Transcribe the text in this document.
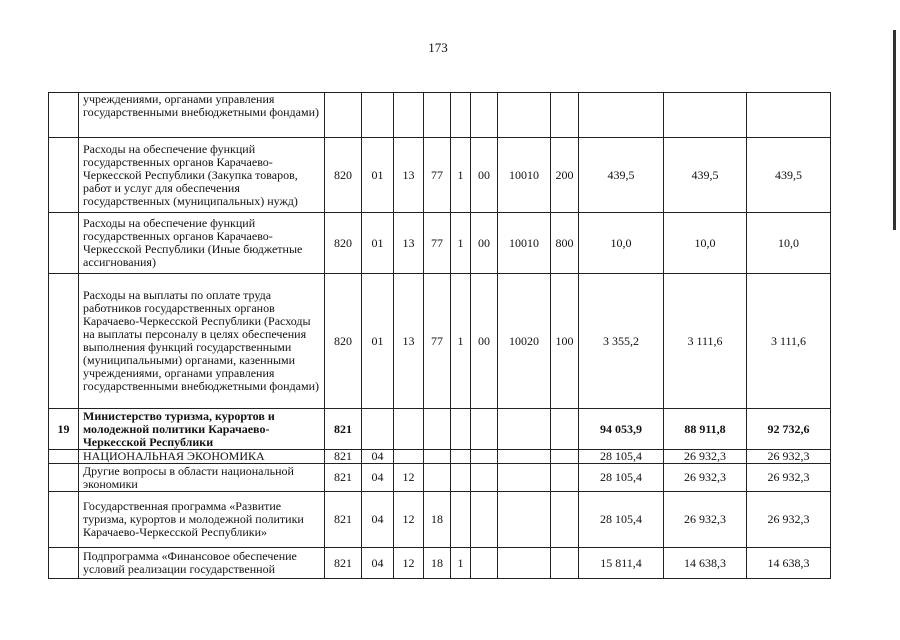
173
	учреждениями, органами управления государственными внебюджетными фондами)											
	Расходы на обеспечение функций государственных органов Карачаево-Черкесской Республики (Закупка товаров, работ и услуг для обеспечения государственных (муниципальных) нужд)	820	01	13	77	1	00	10010	200	439,5	439,5	439,5
	Расходы на обеспечение функций государственных органов Карачаево-Черкесской Республики (Иные бюджетные ассигнования)	820	01	13	77	1	00	10010	800	10,0	10,0	10,0
	Расходы на выплаты по оплате труда работников государственных органов Карачаево-Черкесской Республики (Расходы на выплаты персоналу в целях обеспечения выполнения функций государственными (муниципальными) органами, казенными учреждениями, органами управления государственными внебюджетными фондами)	820	01	13	77	1	00	10020	100	3 355,2	3 111,6	3 111,6
19	Министерство туризма, курортов и молодежной политики Карачаево-Черкесской Республики	821								94 053,9	88 911,8	92 732,6
	НАЦИОНАЛЬНАЯ ЭКОНОМИКА	821	04							28 105,4	26 932,3	26 932,3
	Другие вопросы в области национальной экономики	821	04	12						28 105,4	26 932,3	26 932,3
	Государственная программа «Развитие туризма, курортов и молодежной политики Карачаево-Черкесской Республики»	821	04	12	18					28 105,4	26 932,3	26 932,3
	Подпрограмма «Финансовое обеспечение условий реализации государственной	821	04	12	18	1				15 811,4	14 638,3	14 638,3
